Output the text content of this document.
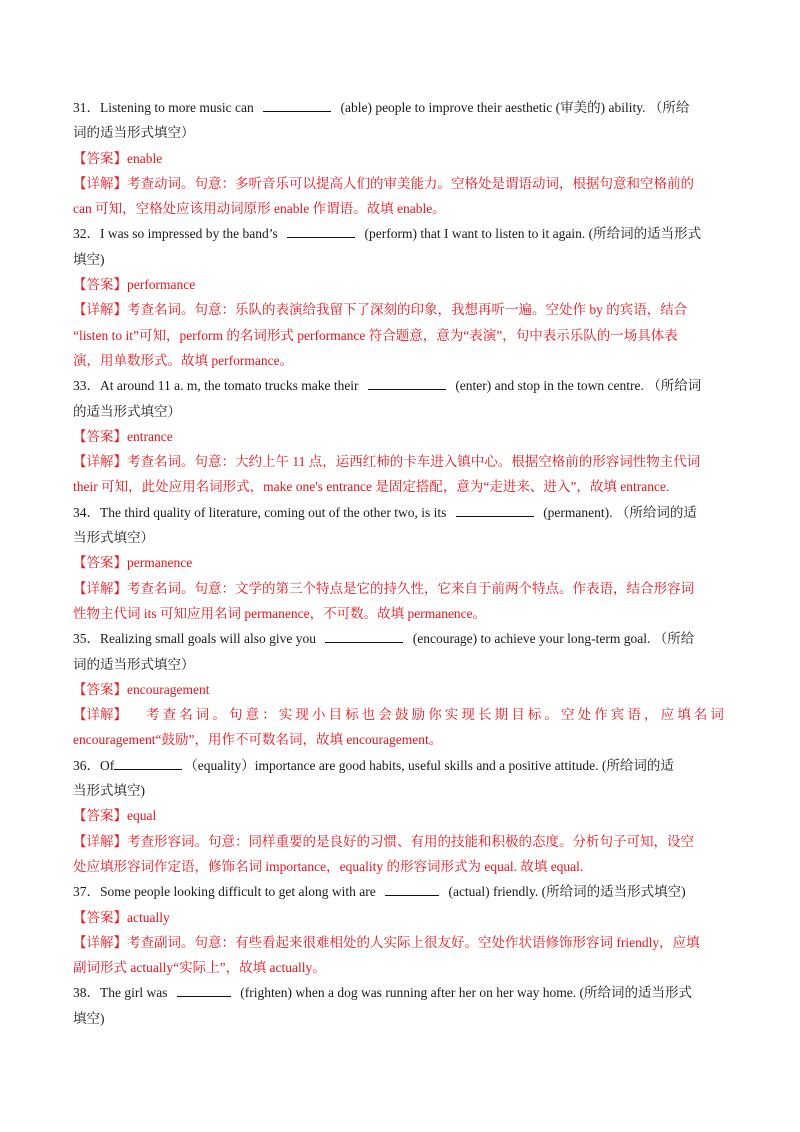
31．Listening to more music can	(able) people to improve their aesthetic (审美的) ability. （所给
词的适当形式填空）
【答案】enable
【详解】考查动词。句意：多听音乐可以提高人们的审美能力。空格处是谓语动词，根据句意和空格前的
can 可知，空格处应该用动词原形 enable 作谓语。故填 enable。
32．I was so impressed by the band’s	(perform) that I want to listen to it again. (所给词的适当形式
填空)
【答案】performance
【详解】考查名词。句意：乐队的表演给我留下了深刻的印象，我想再听一遍。空处作 by 的宾语，结合
“listen to it”可知，perform 的名词形式 performance 符合题意，意为“表演”，句中表示乐队的一场具体表
演，用单数形式。故填 performance。
33．At around 11 a. m, the tomato trucks make their	(enter) and stop in the town centre. （所给词
的适当形式填空）
【答案】entrance
【详解】考查名词。句意：大约上午 11 点，运西红柿的卡车进入镇中心。根据空格前的形容词性物主代词
their 可知，此处应用名词形式，make one's entrance 是固定搭配，意为“走进来、进入”，故填 entrance.
34．The third quality of literature, coming out of the other two, is its	(permanent). （所给词的适
当形式填空）
【答案】permanence
【详解】考查名词。句意：文学的第三个特点是它的持久性，它来自于前两个特点。作表语，结合形容词
性物主代词 its 可知应用名词 permanence，不可数。故填 permanence。
35．Realizing small goals will also give you	(encourage) to achieve your long-term goal. （所给
词的适当形式填空）
【答案】encouragement
【详解】 考查名词。句意：实现小目标也会鼓励你实现长期目标。空处作宾语，应填名词
encouragement“鼓励”，用作不可数名词，故填 encouragement。
36．Of	（equality）importance are good habits, useful skills and a positive attitude. (所给词的适
当形式填空)
【答案】equal
【详解】考查形容词。句意：同样重要的是良好的习惯、有用的技能和积极的态度。分析句子可知，设空
处应填形容词作定语，修饰名词 importance，equality 的形容词形式为 equal. 故填 equal.
37．Some people looking difficult to get along with are	(actual) friendly. (所给词的适当形式填空)
【答案】actually
【详解】考查副词。句意：有些看起来很难相处的人实际上很友好。空处作状语修饰形容词 friendly，应填
副词形式 actually“实际上”，故填 actually。
38．The girl was	(frighten) when a dog was running after her on her way home. (所给词的适当形式
填空)
